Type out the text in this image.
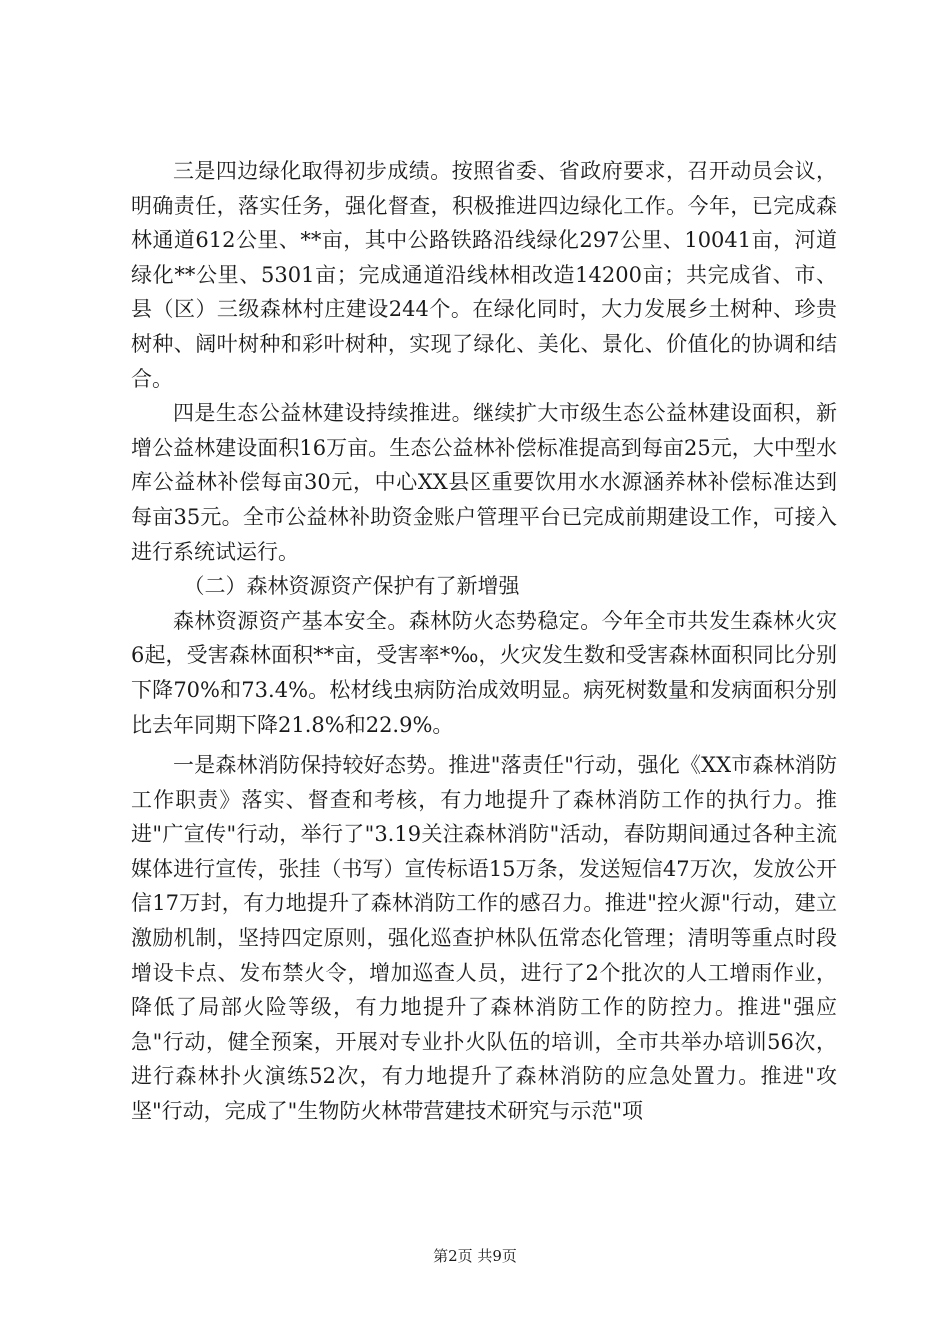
三是四边绿化取得初步成绩。按照省委、省政府要求，召开动员会议，明确责任，落实任务，强化督查，积极推进四边绿化工作。今年，已完成森林通道612公里、**亩，其中公路铁路沿线绿化297公里、10041亩，河道绿化**公里、5301亩；完成通道沿线林相改造14200亩；共完成省、市、县（区）三级森林村庄建设244个。在绿化同时，大力发展乡土树种、珍贵树种、阔叶树种和彩叶树种，实现了绿化、美化、景化、价值化的协调和结合。

四是生态公益林建设持续推进。继续扩大市级生态公益林建设面积，新增公益林建设面积16万亩。生态公益林补偿标准提高到每亩25元，大中型水库公益林补偿每亩30元，中心XX县区重要饮用水水源涵养林补偿标准达到每亩35元。全市公益林补助资金账户管理平台已完成前期建设工作，可接入进行系统试运行。

（二）森林资源资产保护有了新增强

森林资源资产基本安全。森林防火态势稳定。今年全市共发生森林火灾6起，受害森林面积**亩，受害率*‰，火灾发生数和受害森林面积同比分别下降70%和73.4%。松材线虫病防治成效明显。病死树数量和发病面积分别比去年同期下降21.8%和22.9%。

一是森林消防保持较好态势。推进"落责任"行动，强化《XX市森林消防工作职责》落实、督查和考核，有力地提升了森林消防工作的执行力。推进"广宣传"行动，举行了"3.19关注森林消防"活动，春防期间通过各种主流媒体进行宣传，张挂（书写）宣传标语15万条，发送短信47万次，发放公开信17万封，有力地提升了森林消防工作的感召力。推进"控火源"行动，建立激励机制，坚持四定原则，强化巡查护林队伍常态化管理；清明等重点时段增设卡点、发布禁火令，增加巡查人员，进行了2个批次的人工增雨作业，降低了局部火险等级，有力地提升了森林消防工作的防控力。推进"强应急"行动，健全预案，开展对专业扑火队伍的培训，全市共举办培训56次，进行森林扑火演练52次，有力地提升了森林消防的应急处置力。推进"攻坚"行动，完成了"生物防火林带营建技术研究与示范"项

第2页 共9页
